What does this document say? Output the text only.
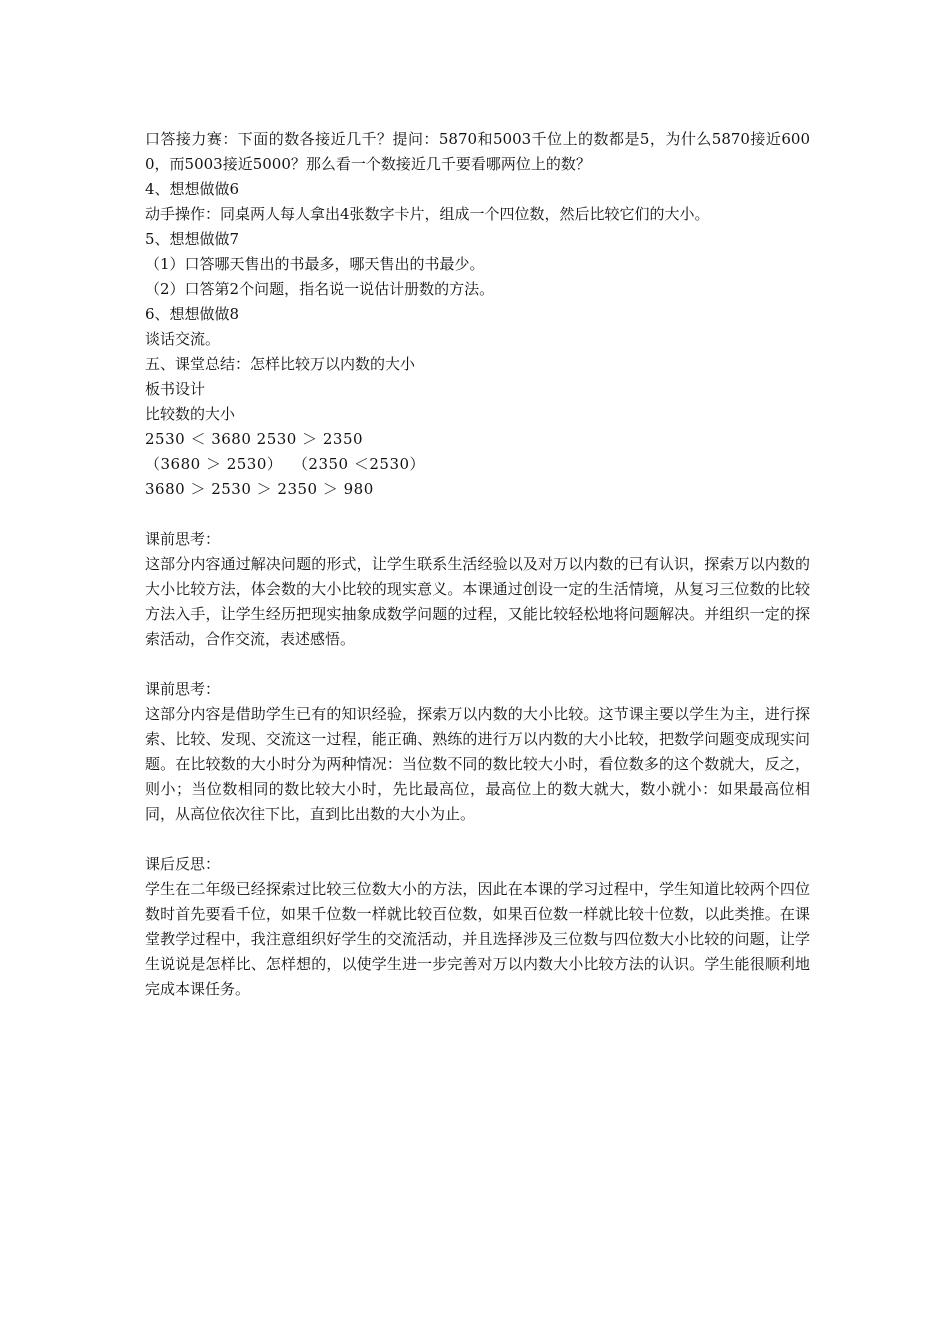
口答接力赛：下面的数各接近几千？提问：5870和5003千位上的数都是5，为什么5870接近6000，而5003接近5000？那么看一个数接近几千要看哪两位上的数？

4、想想做做6

动手操作：同桌两人每人拿出4张数字卡片，组成一个四位数，然后比较它们的大小。

5、想想做做7

（1）口答哪天售出的书最多，哪天售出的书最少。

（2）口答第2个问题，指名说一说估计册数的方法。

6、想想做做8

谈话交流。

五、课堂总结：怎样比较万以内数的大小

板书设计

比较数的大小

2530 ＜ 3680 2530 ＞ 2350

（3680 ＞ 2530）  （2350 ＜2530）

3680 ＞ 2530 ＞ 2350 ＞ 980

课前思考：

这部分内容通过解决问题的形式，让学生联系生活经验以及对万以内数的已有认识，探索万以内数的大小比较方法，体会数的大小比较的现实意义。本课通过创设一定的生活情境，从复习三位数的比较方法入手，让学生经历把现实抽象成数学问题的过程，又能比较轻松地将问题解决。并组织一定的探索活动，合作交流，表述感悟。

课前思考：

这部分内容是借助学生已有的知识经验，探索万以内数的大小比较。这节课主要以学生为主，进行探索、比较、发现、交流这一过程，能正确、熟练的进行万以内数的大小比较，把数学问题变成现实问题。在比较数的大小时分为两种情况：当位数不同的数比较大小时，看位数多的这个数就大，反之，则小；当位数相同的数比较大小时，先比最高位，最高位上的数大就大，数小就小：如果最高位相同，从高位依次往下比，直到比出数的大小为止。

课后反思：

学生在二年级已经探索过比较三位数大小的方法，因此在本课的学习过程中，学生知道比较两个四位数时首先要看千位，如果千位数一样就比较百位数，如果百位数一样就比较十位数，以此类推。在课堂教学过程中，我注意组织好学生的交流活动，并且选择涉及三位数与四位数大小比较的问题，让学生说说是怎样比、怎样想的，以使学生进一步完善对万以内数大小比较方法的认识。学生能很顺利地完成本课任务。
